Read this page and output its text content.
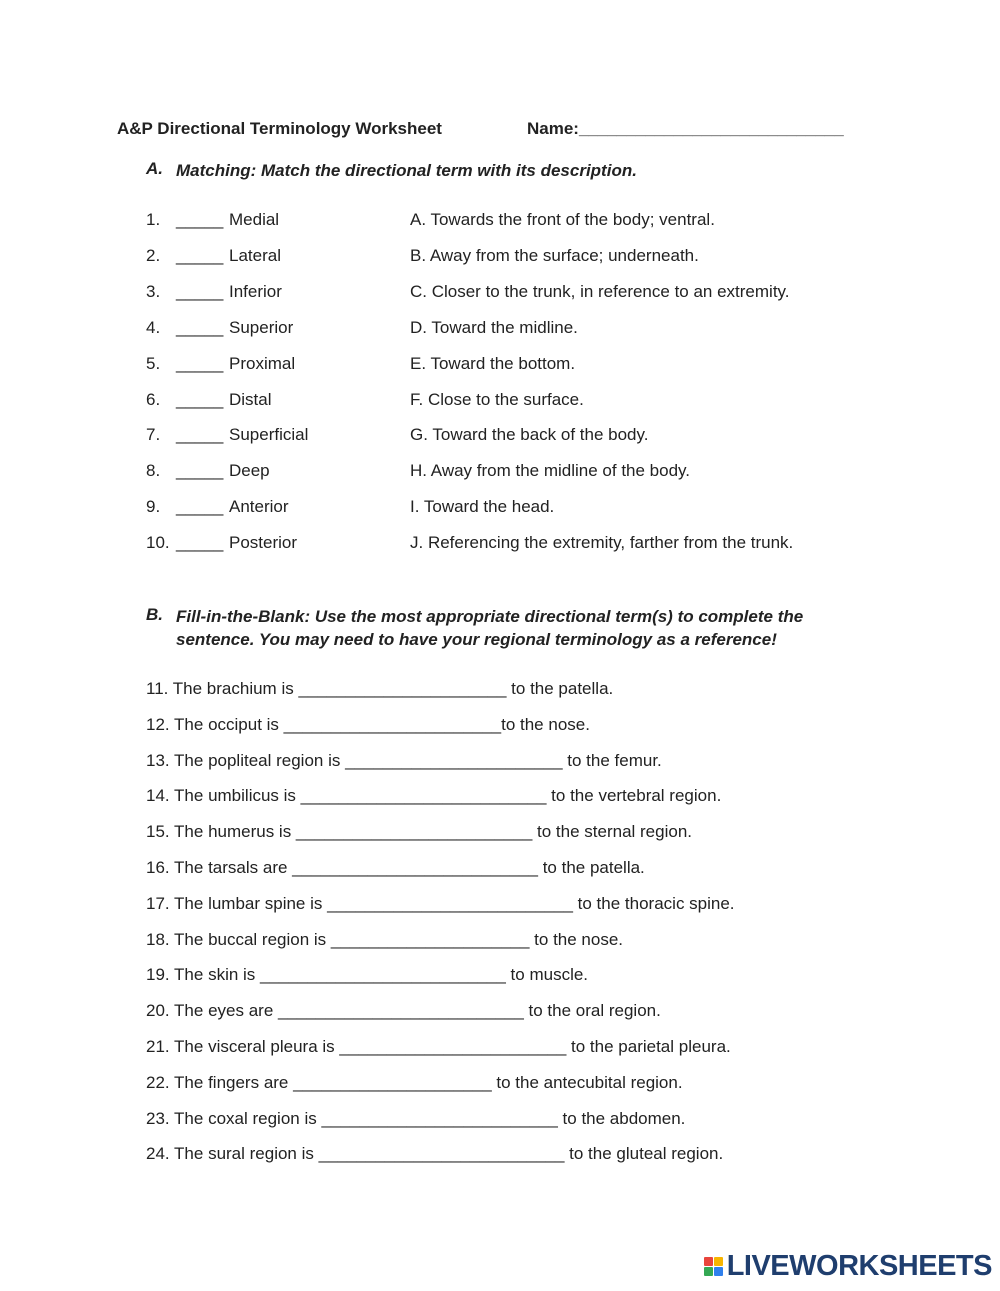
A&P Directional Terminology Worksheet	Name:____________________________
A. Matching: Match the directional term with its description.
1. _____ Medial	A. Towards the front of the body; ventral.
2. _____ Lateral	B. Away from the surface; underneath.
3. _____ Inferior	C. Closer to the trunk, in reference to an extremity.
4. _____ Superior	D. Toward the midline.
5. _____ Proximal	E. Toward the bottom.
6. _____ Distal	F. Close to the surface.
7. _____ Superficial	G. Toward the back of the body.
8. _____ Deep	H. Away from the midline of the body.
9. _____ Anterior	I. Toward the head.
10. _____ Posterior	J. Referencing the extremity, farther from the trunk.
B. Fill-in-the-Blank: Use the most appropriate directional term(s) to complete the
sentence. You may need to have your regional terminology as a reference!
11. The brachium is ______________________ to the patella.
12. The occiput is _______________________to the nose.
13. The popliteal region is _______________________ to the femur.
14. The umbilicus is __________________________ to the vertebral region.
15. The humerus is _________________________ to the sternal region.
16. The tarsals are __________________________ to the patella.
17. The lumbar spine is __________________________ to the thoracic spine.
18. The buccal region is _____________________ to the nose.
19. The skin is __________________________ to muscle.
20. The eyes are __________________________ to the oral region.
21. The visceral pleura is ________________________ to the parietal pleura.
22. The fingers are _____________________ to the antecubital region.
23. The coxal region is _________________________ to the abdomen.
24. The sural region is __________________________ to the gluteal region.
LIVEWORKSHEETS
